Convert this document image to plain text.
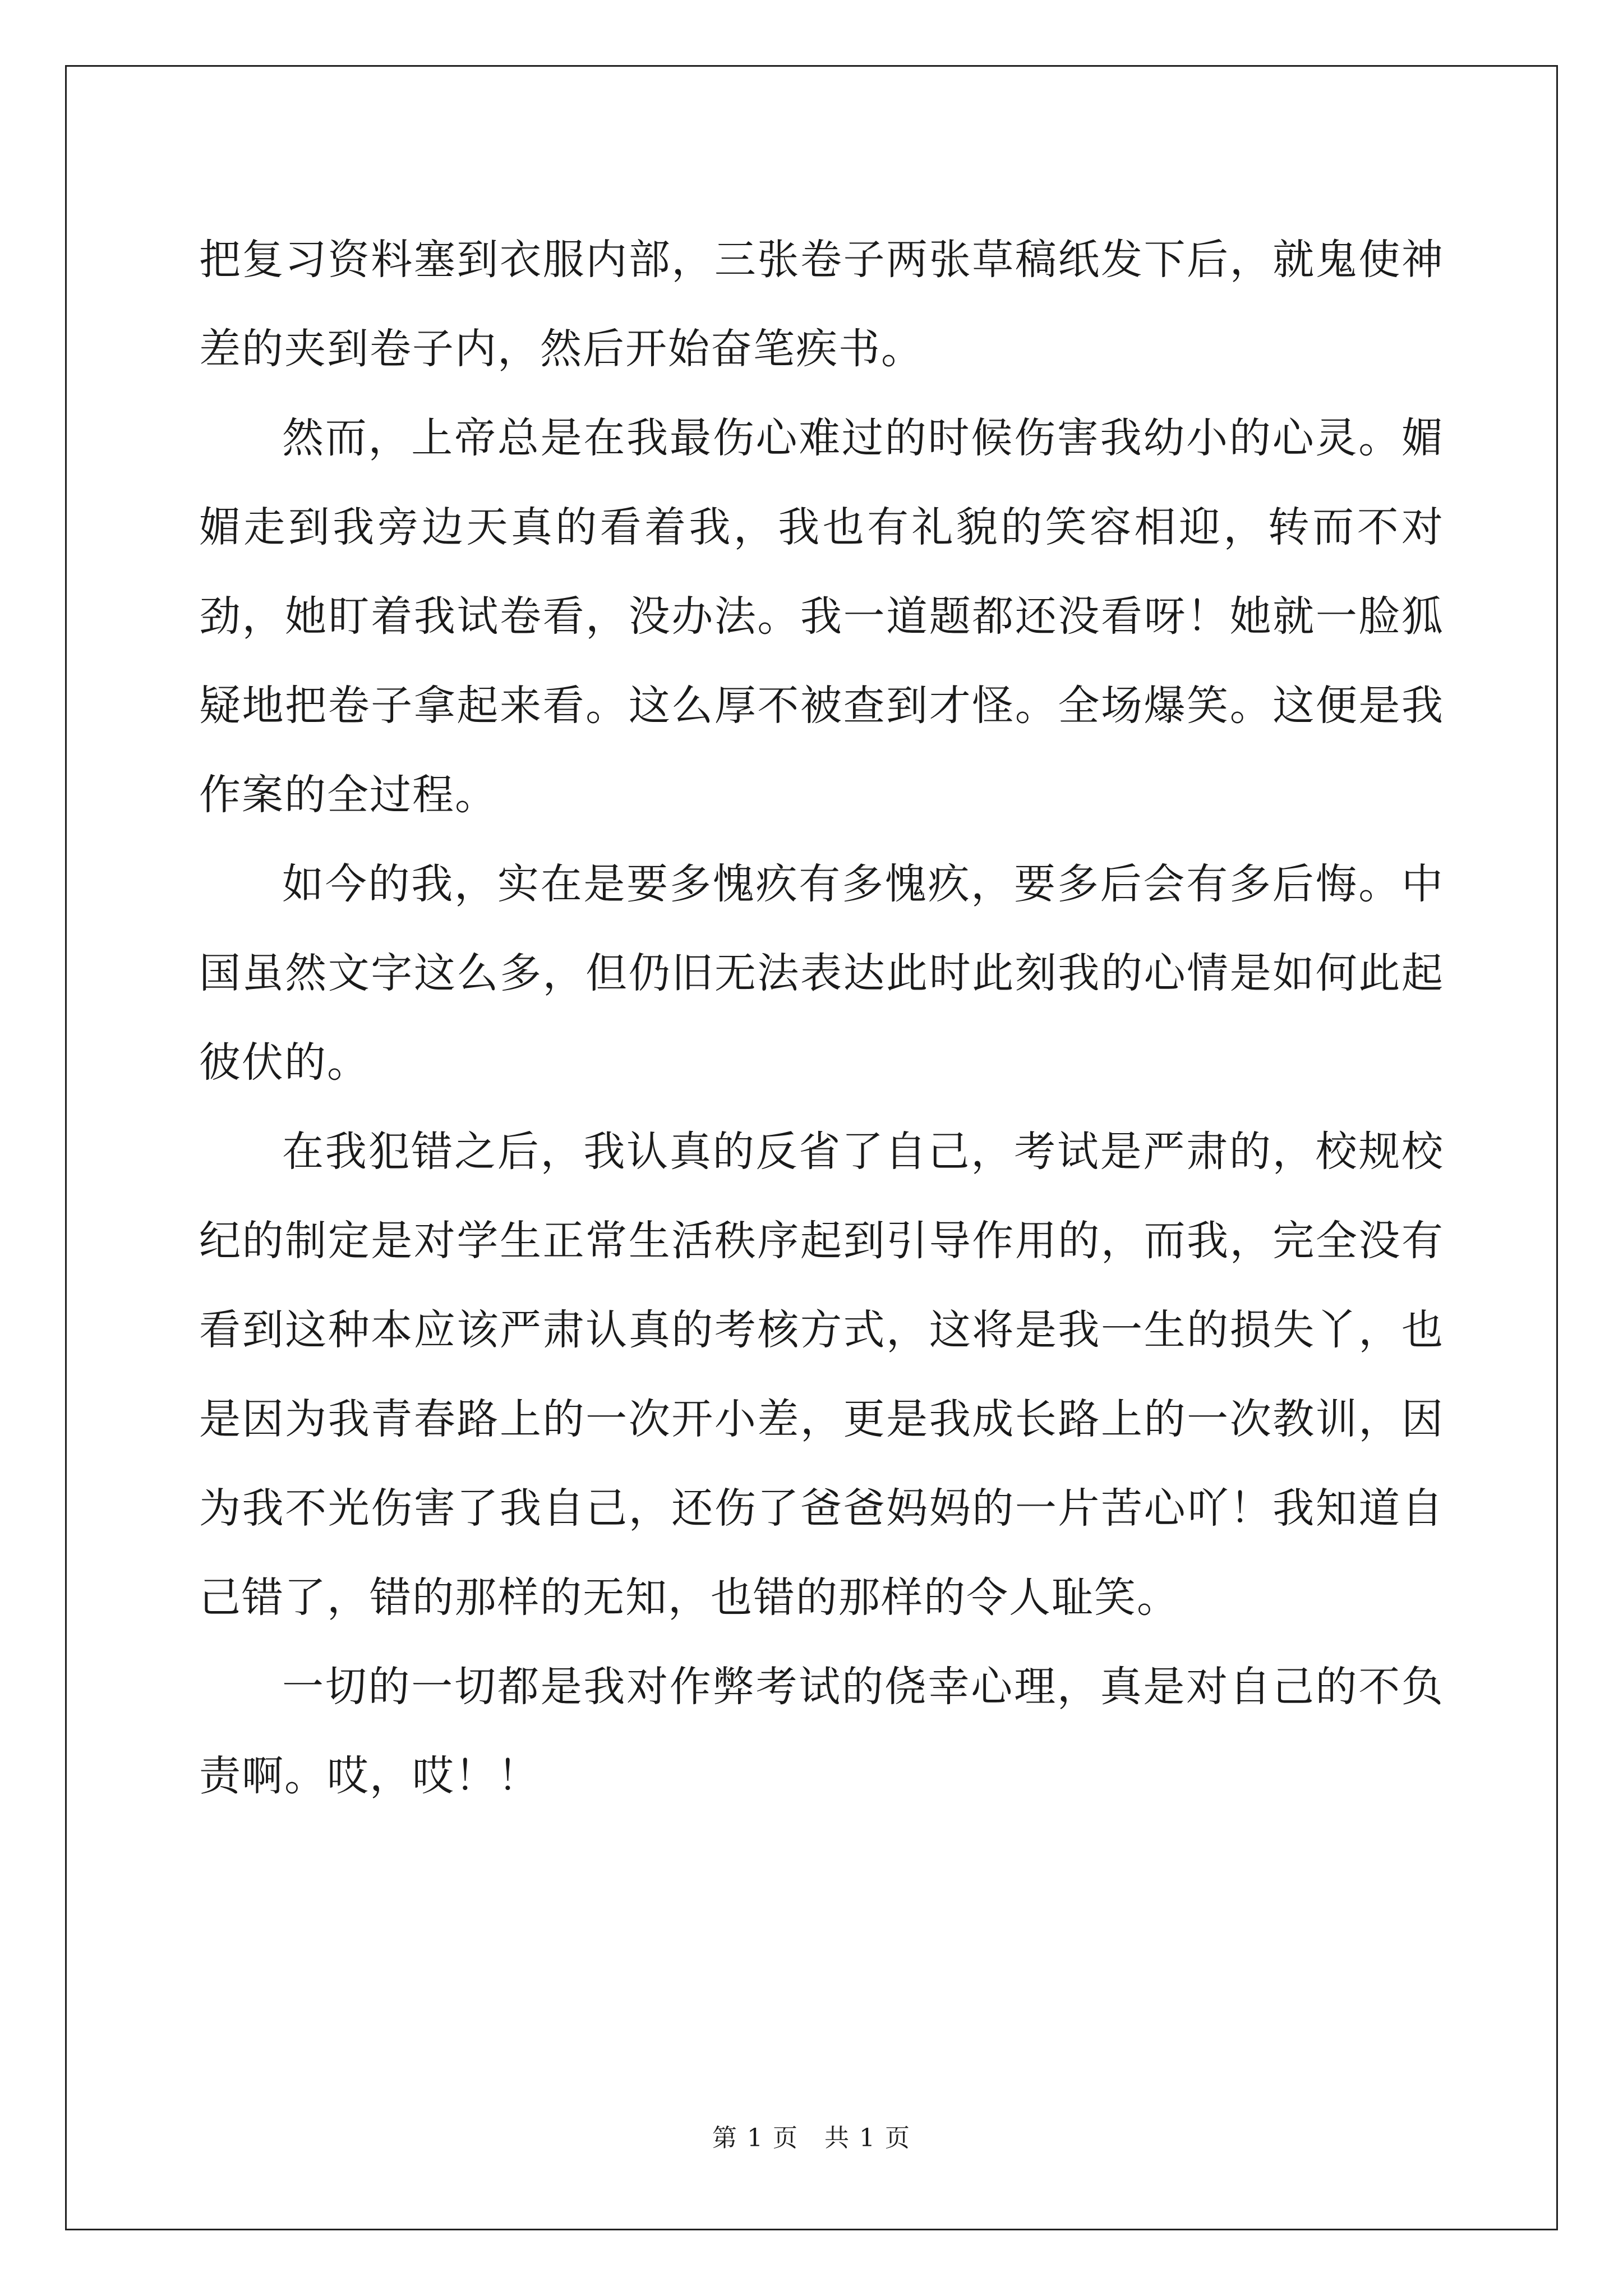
把复习资料塞到衣服内部，三张卷子两张草稿纸发下后，就鬼使神差的夹到卷子内，然后开始奋笔疾书。

然而，上帝总是在我最伤心难过的时候伤害我幼小的心灵。媚媚走到我旁边天真的看着我，我也有礼貌的笑容相迎，转而不对劲，她盯着我试卷看，没办法。我一道题都还没看呀！她就一脸狐疑地把卷子拿起来看。这么厚不被查到才怪。全场爆笑。这便是我作案的全过程。

如今的我，实在是要多愧疚有多愧疚，要多后会有多后悔。中国虽然文字这么多，但仍旧无法表达此时此刻我的心情是如何此起彼伏的。

在我犯错之后，我认真的反省了自己，考试是严肃的，校规校纪的制定是对学生正常生活秩序起到引导作用的，而我，完全没有看到这种本应该严肃认真的考核方式，这将是我一生的损失丫，也是因为我青春路上的一次开小差，更是我成长路上的一次教训，因为我不光伤害了我自己，还伤了爸爸妈妈的一片苦心吖！我知道自己错了，错的那样的无知，也错的那样的令人耻笑。

一切的一切都是我对作弊考试的侥幸心理，真是对自己的不负责啊。哎，哎！！

第 1 页　共 1 页
